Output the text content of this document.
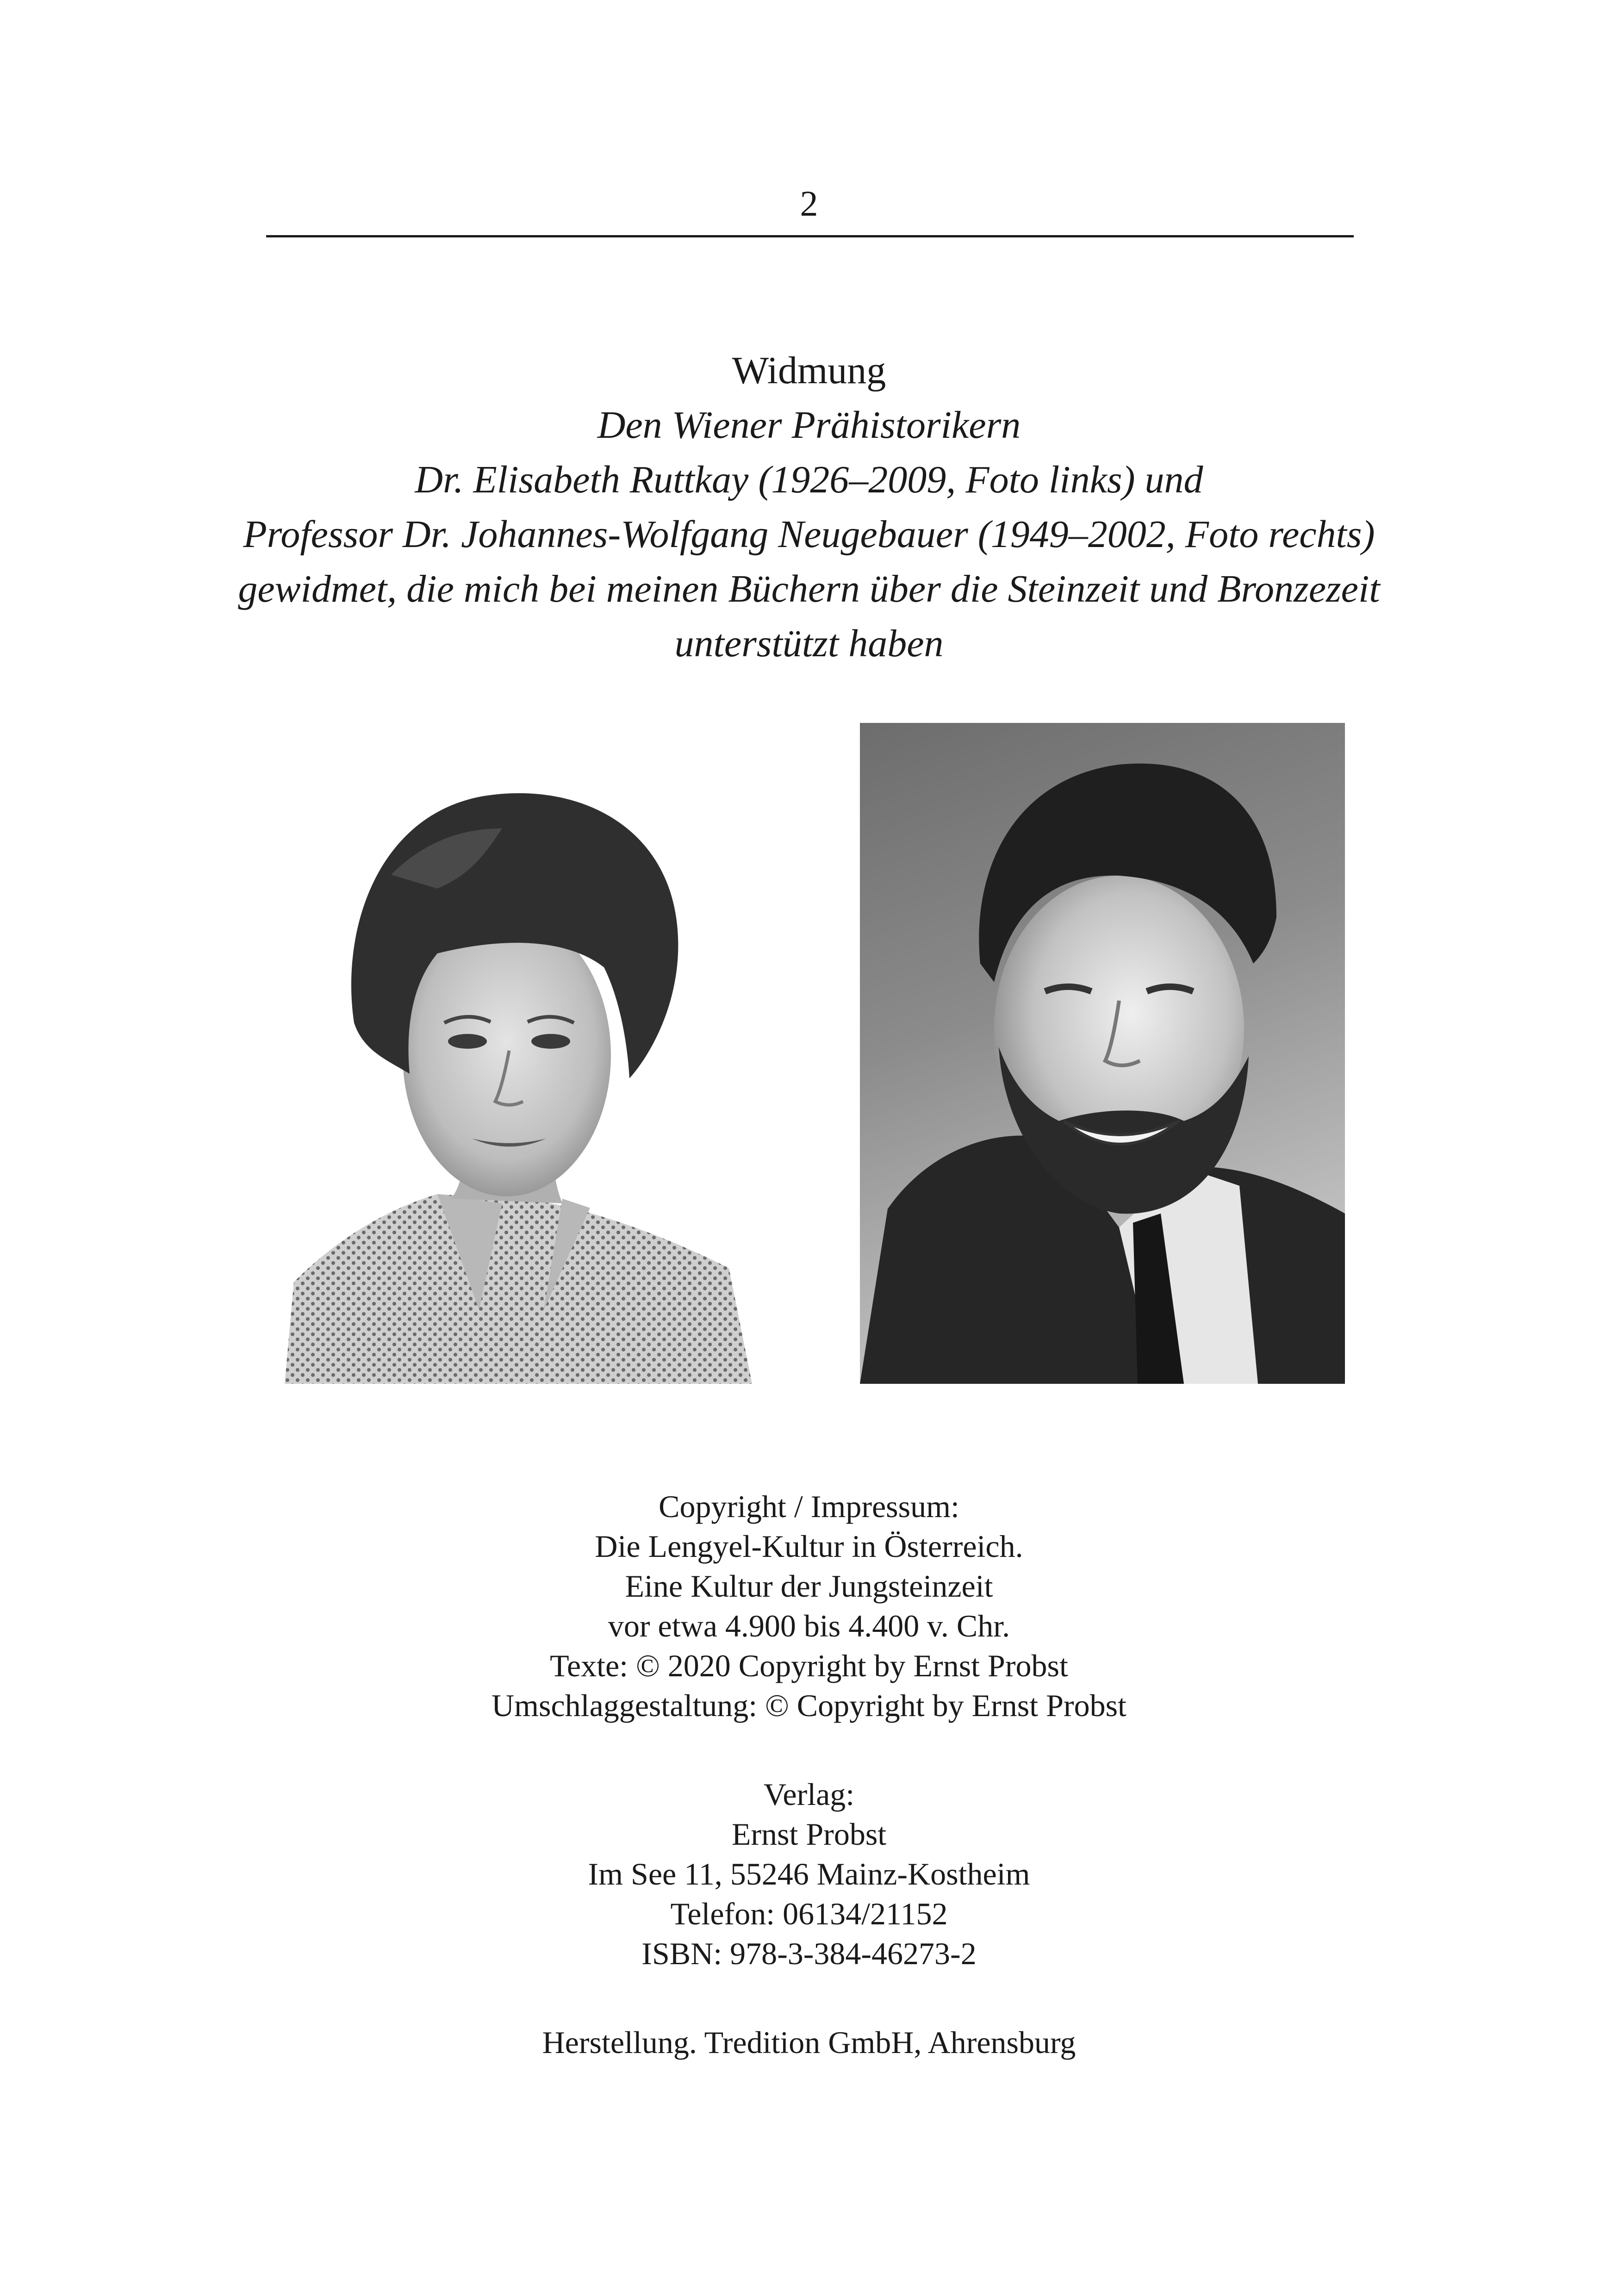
2
Widmung
Den Wiener Prähistorikern
Dr. Elisabeth Ruttkay (1926–2009, Foto links) und
Professor Dr. Johannes-Wolfgang Neugebauer (1949–2002, Foto rechts)
gewidmet, die mich bei meinen Büchern über die Steinzeit und Bronzezeit
unterstützt haben
Copyright / Impressum:
Die Lengyel-Kultur in Österreich.
Eine Kultur der Jungsteinzeit
vor etwa 4.900 bis 4.400 v. Chr.
Texte: © 2020 Copyright by Ernst Probst
Umschlaggestaltung: © Copyright by Ernst Probst
Verlag:
Ernst Probst
Im See 11, 55246 Mainz-Kostheim
Telefon: 06134/21152
ISBN: 978-3-384-46273-2
Herstellung. Tredition GmbH, Ahrensburg
